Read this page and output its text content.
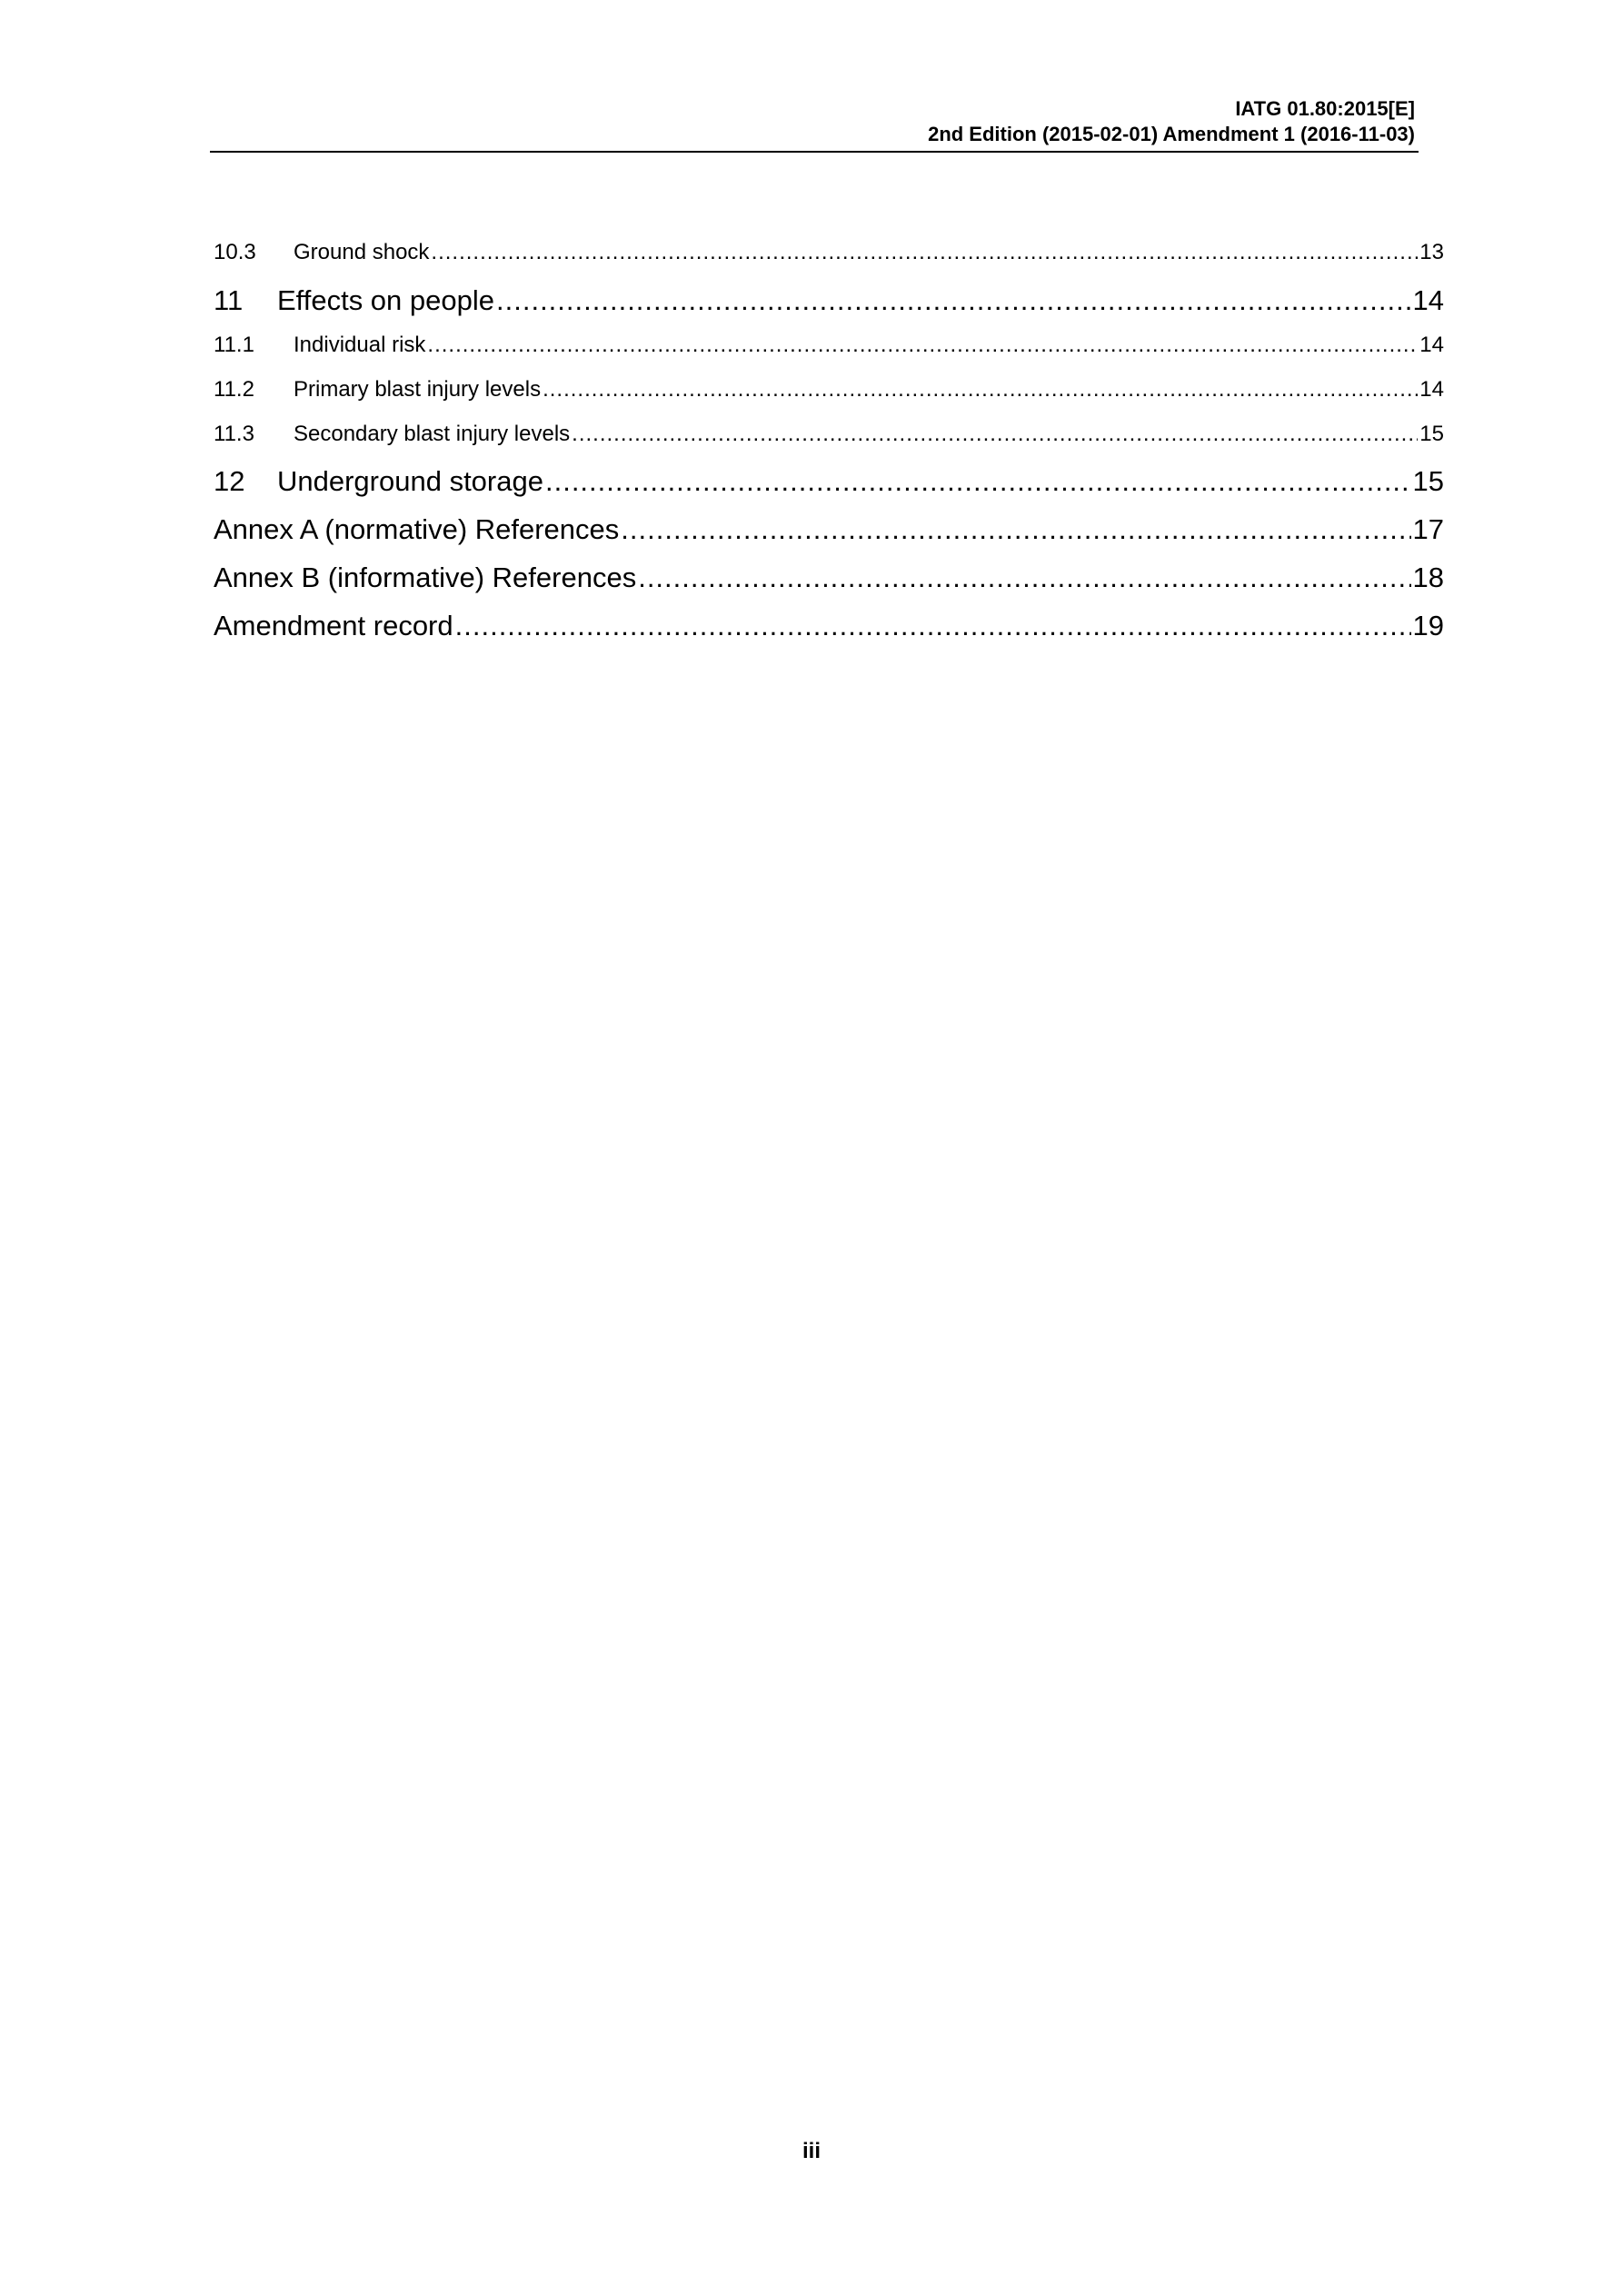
IATG 01.80:2015[E]
2nd Edition (2015-02-01) Amendment 1 (2016-11-03)
10.3	Ground shock .....	13
11	Effects on people .....	14
11.1	Individual risk .....	14
11.2	Primary blast injury levels .....	14
11.3	Secondary blast injury levels .....	15
12	Underground storage .....	15
Annex A (normative) References .....	17
Annex B (informative) References .....	18
Amendment record .....	19
iii
